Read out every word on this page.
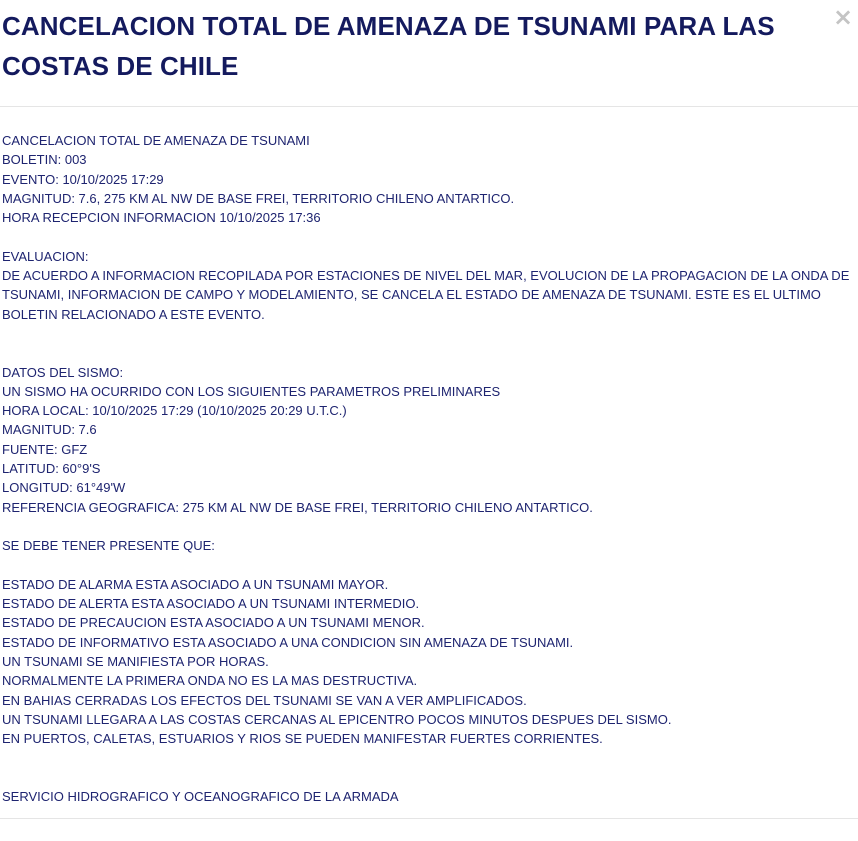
CANCELACION TOTAL DE AMENAZA DE TSUNAMI PARA LAS COSTAS DE CHILE
×
CANCELACION TOTAL DE AMENAZA DE TSUNAMI
BOLETIN: 003
EVENTO: 10/10/2025 17:29
MAGNITUD: 7.6, 275 KM AL NW DE BASE FREI, TERRITORIO CHILENO ANTARTICO.
HORA RECEPCION INFORMACION 10/10/2025 17:36
EVALUACION:
DE ACUERDO A INFORMACION RECOPILADA POR ESTACIONES DE NIVEL DEL MAR, EVOLUCION DE LA PROPAGACION DE LA ONDA DE TSUNAMI, INFORMACION DE CAMPO Y MODELAMIENTO, SE CANCELA EL ESTADO DE AMENAZA DE TSUNAMI. ESTE ES EL ULTIMO BOLETIN RELACIONADO A ESTE EVENTO.
DATOS DEL SISMO:
UN SISMO HA OCURRIDO CON LOS SIGUIENTES PARAMETROS PRELIMINARES
HORA LOCAL: 10/10/2025 17:29 (10/10/2025 20:29 U.T.C.)
MAGNITUD: 7.6
FUENTE: GFZ
LATITUD: 60°9'S
LONGITUD: 61°49'W
REFERENCIA GEOGRAFICA: 275 KM AL NW DE BASE FREI, TERRITORIO CHILENO ANTARTICO.
SE DEBE TENER PRESENTE QUE:
ESTADO DE ALARMA ESTA ASOCIADO A UN TSUNAMI MAYOR.
ESTADO DE ALERTA ESTA ASOCIADO A UN TSUNAMI INTERMEDIO.
ESTADO DE PRECAUCION ESTA ASOCIADO A UN TSUNAMI MENOR.
ESTADO DE INFORMATIVO ESTA ASOCIADO A UNA CONDICION SIN AMENAZA DE TSUNAMI.
UN TSUNAMI SE MANIFIESTA POR HORAS.
NORMALMENTE LA PRIMERA ONDA NO ES LA MAS DESTRUCTIVA.
EN BAHIAS CERRADAS LOS EFECTOS DEL TSUNAMI SE VAN A VER AMPLIFICADOS.
UN TSUNAMI LLEGARA A LAS COSTAS CERCANAS AL EPICENTRO POCOS MINUTOS DESPUES DEL SISMO.
EN PUERTOS, CALETAS, ESTUARIOS Y RIOS SE PUEDEN MANIFESTAR FUERTES CORRIENTES.
SERVICIO HIDROGRAFICO Y OCEANOGRAFICO DE LA ARMADA
